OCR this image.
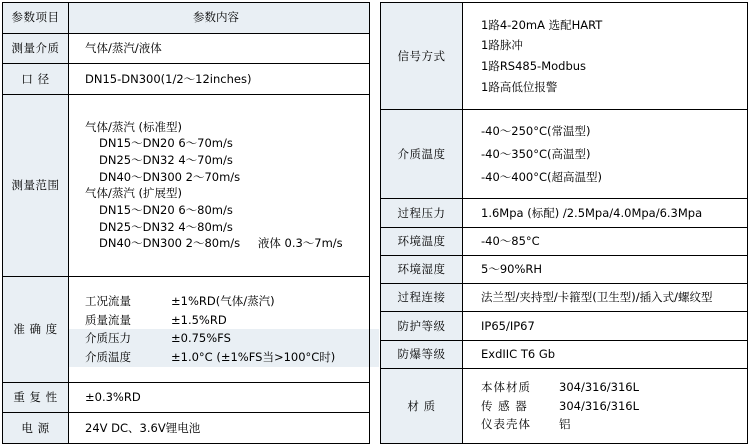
参数项目	参数内容
测量介质	气体/蒸汽/液体
口 径	DN15-DN300(1/2～12inches)
测量范围	气体/蒸汽 (标准型)
DN15～DN20 6～70m/s DN25～DN32 4～70m/s DN40～DN300 2～70m/s
气体/蒸汽 (扩展型)
DN15～DN20 6～80m/s DN25～DN32 4～80m/s DN40～DN300 2～80m/s 液体 0.3～7m/s
准 确 度	工况流量 ±1%RD(气体/蒸汽)
质量流量 ±1.5%RD
介质压力 ±0.75%FS
介质温度 ±1.0°C (±1%FS当>100°C时)

重 复 性	±0.3%RD
电 源	24V DC、3.6V锂电池
信号方式	1路4-20mA 选配HART
1路脉冲
1路RS485-Modbus
1路高低位报警

介质温度	-40～250°C(常温型)
-40～350°C(高温型)
-40～400°C(超高温型)

过程压力	1.6Mpa (标配) /2.5Mpa/4.0Mpa/6.3Mpa
环境温度	-40～85°C
环境湿度	5～90%RH
过程连接	法兰型/夹持型/卡箍型(卫生型)/插入式/螺纹型
防护等级	IP65/IP67
防爆等级	ExdIIC T6 Gb
材 质	本体材质 304/316/316L
传 感 器 304/316/316L
仪表壳体 铝
